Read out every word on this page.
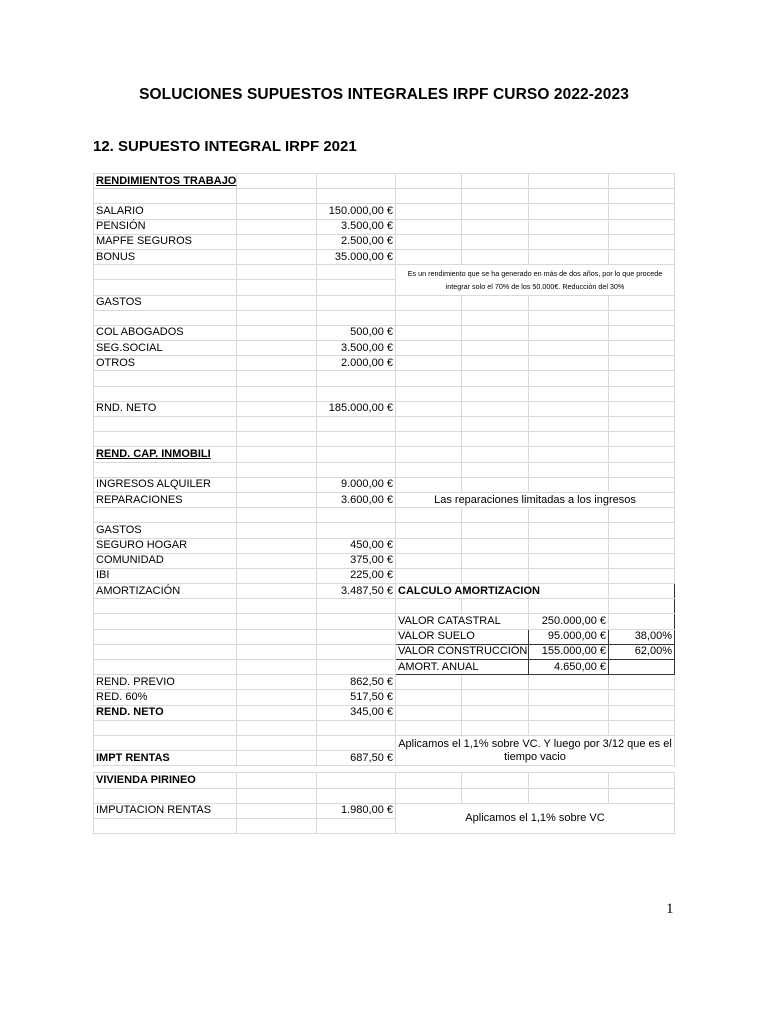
SOLUCIONES SUPUESTOS INTEGRALES IRPF CURSO 2022-2023
12. SUPUESTO INTEGRAL IRPF 2021
RENDIMIENTOS TRABAJO						

SALARIO		150.000,00 €				
PENSIÓN		3.500,00 €				
MAPFE SEGUROS		2.500,00 €				
BONUS		35.000,00 €				
			Es un rendimiento que se ha generado en más de dos años, por lo que procede integrar solo el 70% de los 50.000€. Reducción del 30%			

GASTOS						

COL ABOGADOS		500,00 €				
SEG.SOCIAL		3.500,00 €				
OTROS		2.000,00 €				

RND. NETO		185.000,00 €				

REND. CAP. INMOBILI						

INGRESOS ALQUILER		9.000,00 €				
REPARACIONES		3.600,00 €	Las reparaciones limitadas a los ingresos			

GASTOS						
SEGURO HOGAR		450,00 €				
COMUNIDAD		375,00 €				
IBI		225,00 €				
AMORTIZACIÓN		3.487,50 €	CALCULO AMORTIZACION			

			VALOR CATASTRAL		250.000,00 €	
			VALOR SUELO		95.000,00 €	38,00%
			VALOR CONSTRUCCIÓN		155.000,00 €	62,00%
			AMORT. ANUAL		4.650,00 €	
REND. PREVIO		862,50 €				
RED. 60%		517,50 €				
REND. NETO		345,00 €				

			Aplicamos el 1,1% sobre VC. Y luego por 3/12 que es el tiempo vacio			
IMPT RENTAS		687,50 €				

VIVIENDA PIRINEO						

IMPUTACION RENTAS		1.980,00 €	Aplicamos el 1,1% sobre VC			

1
